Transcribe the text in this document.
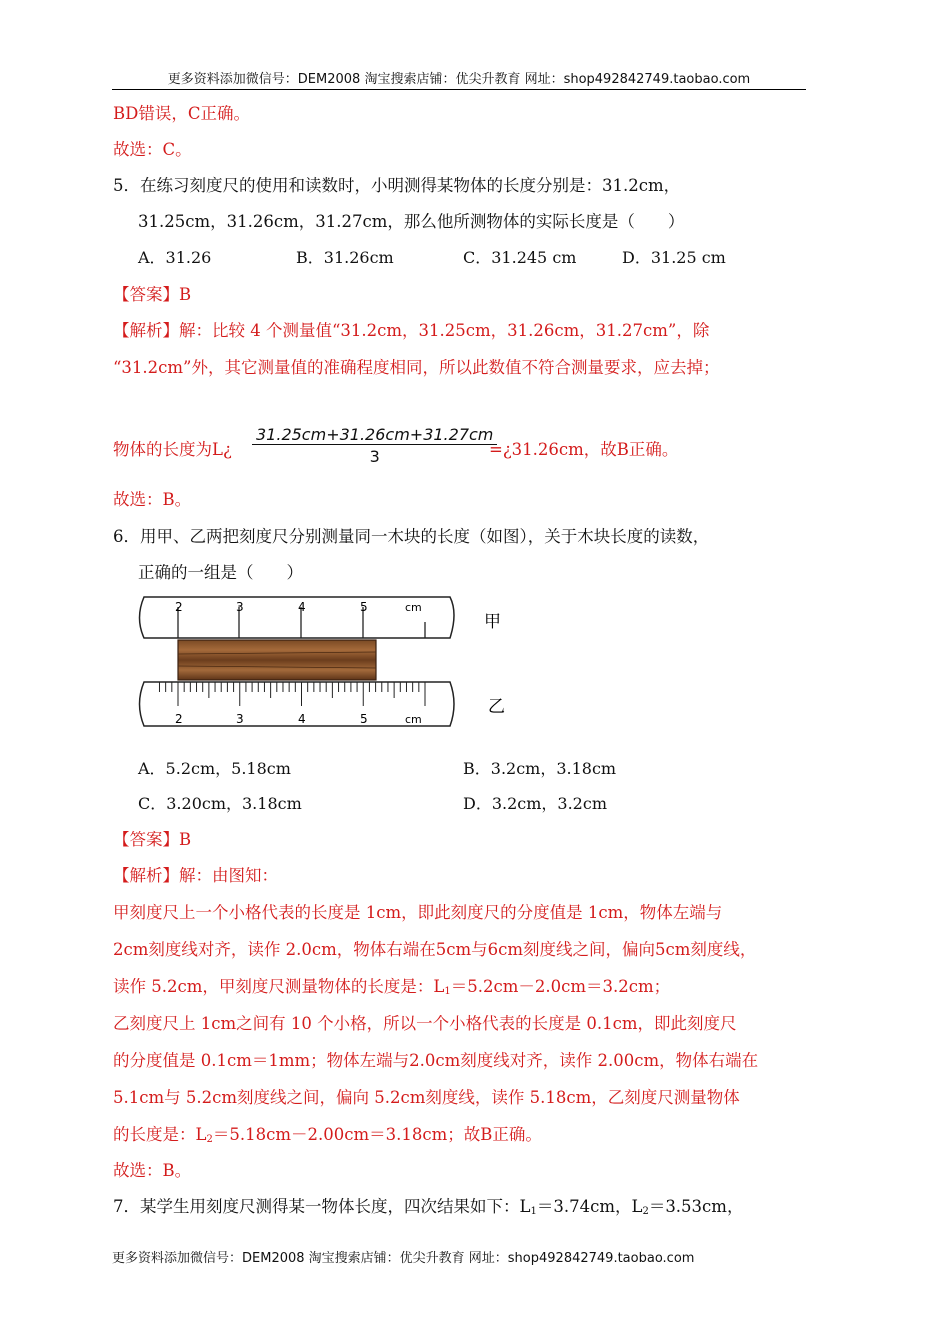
更多资料添加微信号：DEM2008 淘宝搜索店铺：优尖升教育 网址：shop492842749.taobao.com
BD错误，C正确。
故选：C。
5．在练习刻度尺的使用和读数时，小明测得某物体的长度分别是：31.2cm，
31.25cm，31.26cm，31.27cm，那么他所测物体的实际长度是（　　）
A．31.26	B．31.26cm	C．31.245 cm	D．31.25 cm
【答案】B
【解析】解：比较 4 个测量值“31.2cm，31.25cm，31.26cm，31.27cm”，除
“31.2cm”外，其它测量值的准确程度相同，所以此数值不符合测量要求，应去掉；
物体的长度为L¿ $\frac{31.25cm+31.26cm+31.27cm}{3}$
=¿31.26cm，故B正确。
故选：B。
6．用甲、乙两把刻度尺分别测量同一木块的长度（如图），关于木块长度的读数，
正确的一组是（　　）
2	3	4	5	cm
2	3	4	5	cm
甲
乙
A．5.2cm，5.18cm	B．3.2cm，3.18cm
C．3.20cm，3.18cm	D．3.2cm，3.2cm
【答案】B
【解析】解：由图知：
甲刻度尺上一个小格代表的长度是 1cm，即此刻度尺的分度值是 1cm，物体左端与
2cm刻度线对齐，读作 2.0cm，物体右端在5cm与6cm刻度线之间，偏向5cm刻度线，
读作 5.2cm，甲刻度尺测量物体的长度是：$L_1=5.2cm-2.0cm=3.2cm$；
乙刻度尺上 1cm之间有 10 个小格，所以一个小格代表的长度是 0.1cm，即此刻度尺
的分度值是 0.1cm＝1mm；物体左端与2.0cm刻度线对齐，读作 2.00cm，物体右端在
5.1cm与 5.2cm刻度线之间，偏向 5.2cm刻度线，读作 5.18cm，乙刻度尺测量物体
的长度是：$L_2=5.18cm-2.00cm=3.18cm$；故B正确。
故选：B。
7．某学生用刻度尺测得某一物体长度，四次结果如下：$L_1=3.74cm$，$L_2=3.53cm$，
更多资料添加微信号：DEM2008 淘宝搜索店铺：优尖升教育 网址：shop492842749.taobao.com
